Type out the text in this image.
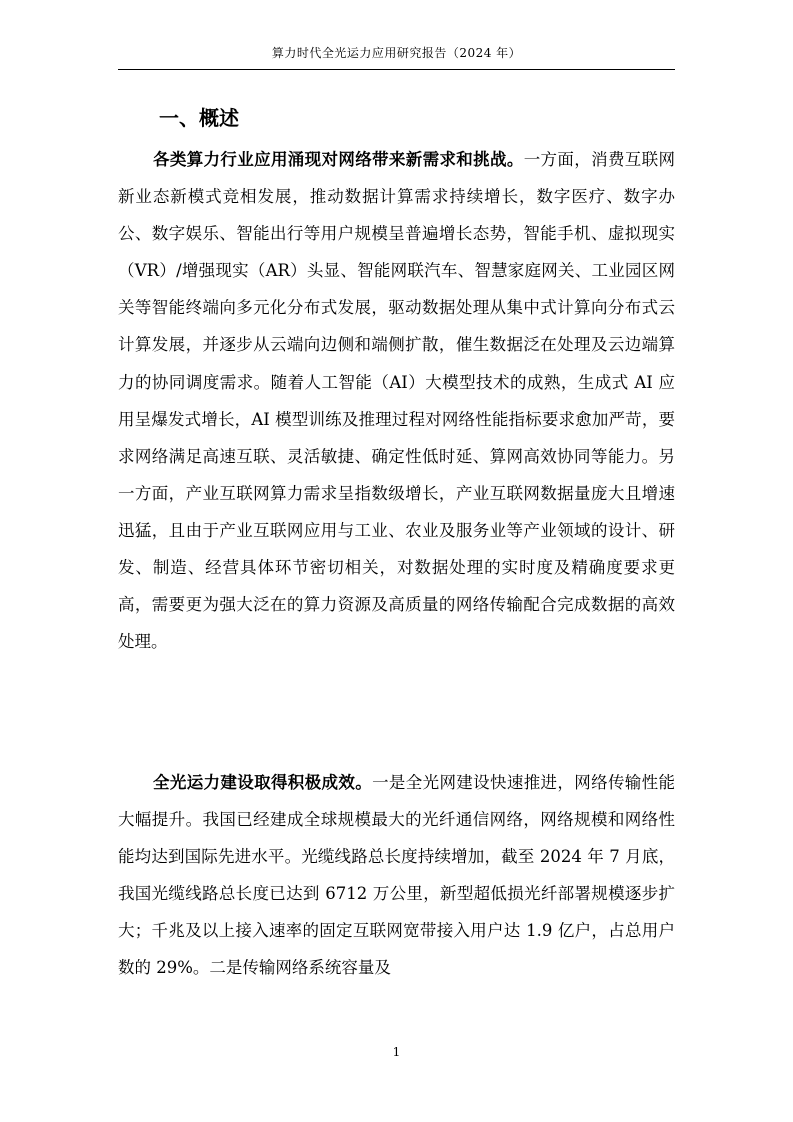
算力时代全光运力应用研究报告（2024 年）
一、概述

各类算力行业应用涌现对网络带来新需求和挑战。一方面，消费互联网新业态新模式竞相发展，推动数据计算需求持续增长，数字医疗、数字办公、数字娱乐、智能出行等用户规模呈普遍增长态势，智能手机、虚拟现实（VR）/增强现实（AR）头显、智能网联汽车、智慧家庭网关、工业园区网关等智能终端向多元化分布式发展，驱动数据处理从集中式计算向分布式云计算发展，并逐步从云端向边侧和端侧扩散，催生数据泛在处理及云边端算力的协同调度需求。随着人工智能（AI）大模型技术的成熟，生成式 AI 应用呈爆发式增长，AI 模型训练及推理过程对网络性能指标要求愈加严苛，要求网络满足高速互联、灵活敏捷、确定性低时延、算网高效协同等能力。另一方面，产业互联网算力需求呈指数级增长，产业互联网数据量庞大且增速迅猛，且由于产业互联网应用与工业、农业及服务业等产业领域的设计、研发、制造、经营具体环节密切相关，对数据处理的实时度及精确度要求更高，需要更为强大泛在的算力资源及高质量的网络传输配合完成数据的高效处理。

全光运力建设取得积极成效。一是全光网建设快速推进，网络传输性能大幅提升。我国已经建成全球规模最大的光纤通信网络，网络规模和网络性能均达到国际先进水平。光缆线路总长度持续增加，截至 2024 年 7 月底，我国光缆线路总长度已达到 6712 万公里，新型超低损光纤部署规模逐步扩大；千兆及以上接入速率的固定互联网宽带接入用户达 1.9 亿户，占总用户数的 29%。二是传输网络系统容量及

1
